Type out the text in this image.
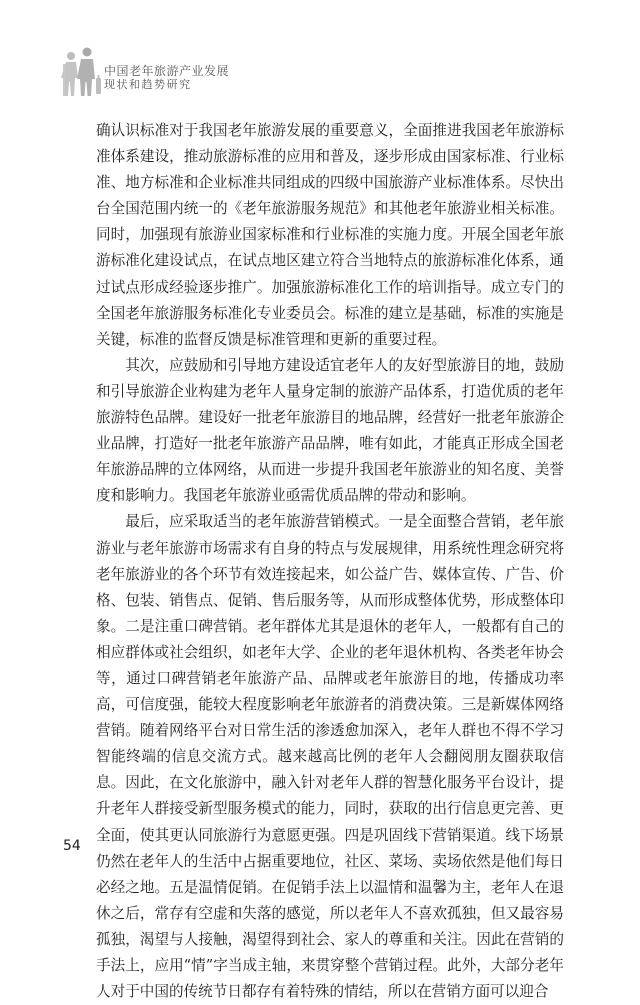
中国老年旅游产业发展
现状和趋势研究

确认识标准对于我国老年旅游发展的重要意义，全面推进我国老年旅游标准体系建设，推动旅游标准的应用和普及，逐步形成由国家标准、行业标准、地方标准和企业标准共同组成的四级中国旅游产业标准体系。尽快出台全国范围内统一的《老年旅游服务规范》和其他老年旅游业相关标准。同时，加强现有旅游业国家标准和行业标准的实施力度。开展全国老年旅游标准化建设试点，在试点地区建立符合当地特点的旅游标准化体系，通过试点形成经验逐步推广。加强旅游标准化工作的培训指导。成立专门的全国老年旅游服务标准化专业委员会。标准的建立是基础，标准的实施是关键，标准的监督反馈是标准管理和更新的重要过程。

其次，应鼓励和引导地方建设适宜老年人的友好型旅游目的地，鼓励和引导旅游企业构建为老年人量身定制的旅游产品体系，打造优质的老年旅游特色品牌。建设好一批老年旅游目的地品牌，经营好一批老年旅游企业品牌，打造好一批老年旅游产品品牌，唯有如此，才能真正形成全国老年旅游品牌的立体网络，从而进一步提升我国老年旅游业的知名度、美誉度和影响力。我国老年旅游业亟需优质品牌的带动和影响。

最后，应采取适当的老年旅游营销模式。一是全面整合营销，老年旅游业与老年旅游市场需求有自身的特点与发展规律，用系统性理念研究将老年旅游业的各个环节有效连接起来，如公益广告、媒体宣传、广告、价格、包装、销售点、促销、售后服务等，从而形成整体优势，形成整体印象。二是注重口碑营销。老年群体尤其是退休的老年人，一般都有自己的相应群体或社会组织，如老年大学、企业的老年退休机构、各类老年协会等，通过口碑营销老年旅游产品、品牌或老年旅游目的地，传播成功率高，可信度强，能较大程度影响老年旅游者的消费决策。三是新媒体网络营销。随着网络平台对日常生活的渗透愈加深入，老年人群也不得不学习智能终端的信息交流方式。越来越高比例的老年人会翻阅朋友圈获取信息。因此，在文化旅游中，融入针对老年人群的智慧化服务平台设计，提升老年人群接受新型服务模式的能力，同时，获取的出行信息更完善、更全面，使其更认同旅游行为意愿更强。四是巩固线下营销渠道。线下场景仍然在老年人的生活中占据重要地位，社区、菜场、卖场依然是他们每日必经之地。五是温情促销。在促销手法上以温情和温馨为主，老年人在退休之后，常存有空虚和失落的感觉，所以老年人不喜欢孤独，但又最容易孤独，渴望与人接触，渴望得到社会、家人的尊重和关注。因此在营销的手法上，应用“情”字当成主轴，来贯穿整个营销过程。此外，大部分老年人对于中国的传统节日都存有着特殊的情结，所以在营销方面可以迎合

54
